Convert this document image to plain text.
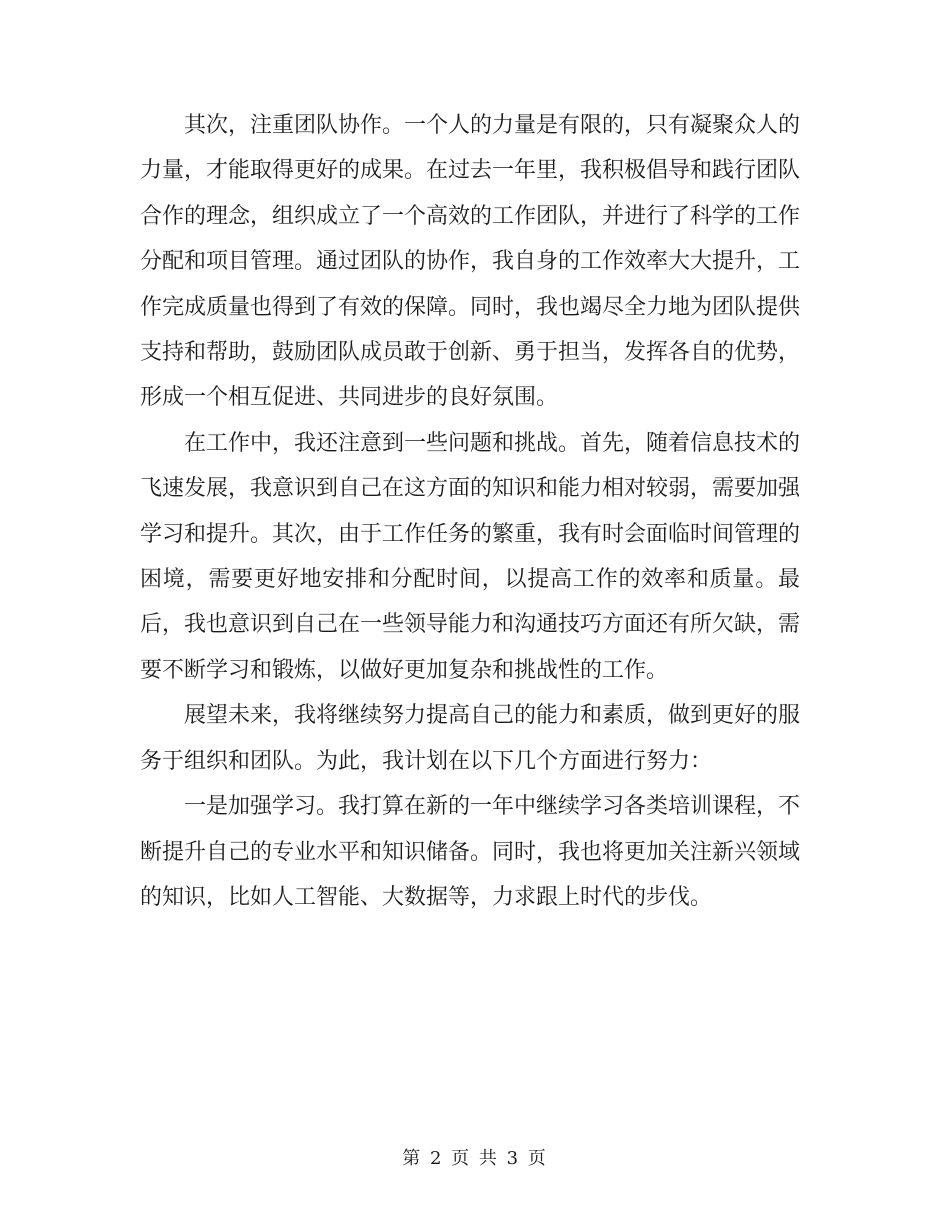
其次，注重团队协作。一个人的力量是有限的，只有凝聚众人的力量，才能取得更好的成果。在过去一年里，我积极倡导和践行团队合作的理念，组织成立了一个高效的工作团队，并进行了科学的工作分配和项目管理。通过团队的协作，我自身的工作效率大大提升，工作完成质量也得到了有效的保障。同时，我也竭尽全力地为团队提供支持和帮助，鼓励团队成员敢于创新、勇于担当，发挥各自的优势，形成一个相互促进、共同进步的良好氛围。

在工作中，我还注意到一些问题和挑战。首先，随着信息技术的飞速发展，我意识到自己在这方面的知识和能力相对较弱，需要加强学习和提升。其次，由于工作任务的繁重，我有时会面临时间管理的困境，需要更好地安排和分配时间，以提高工作的效率和质量。最后，我也意识到自己在一些领导能力和沟通技巧方面还有所欠缺，需要不断学习和锻炼，以做好更加复杂和挑战性的工作。

展望未来，我将继续努力提高自己的能力和素质，做到更好的服务于组织和团队。为此，我计划在以下几个方面进行努力：

一是加强学习。我打算在新的一年中继续学习各类培训课程，不断提升自己的专业水平和知识储备。同时，我也将更加关注新兴领域的知识，比如人工智能、大数据等，力求跟上时代的步伐。

第 2 页 共 3 页
